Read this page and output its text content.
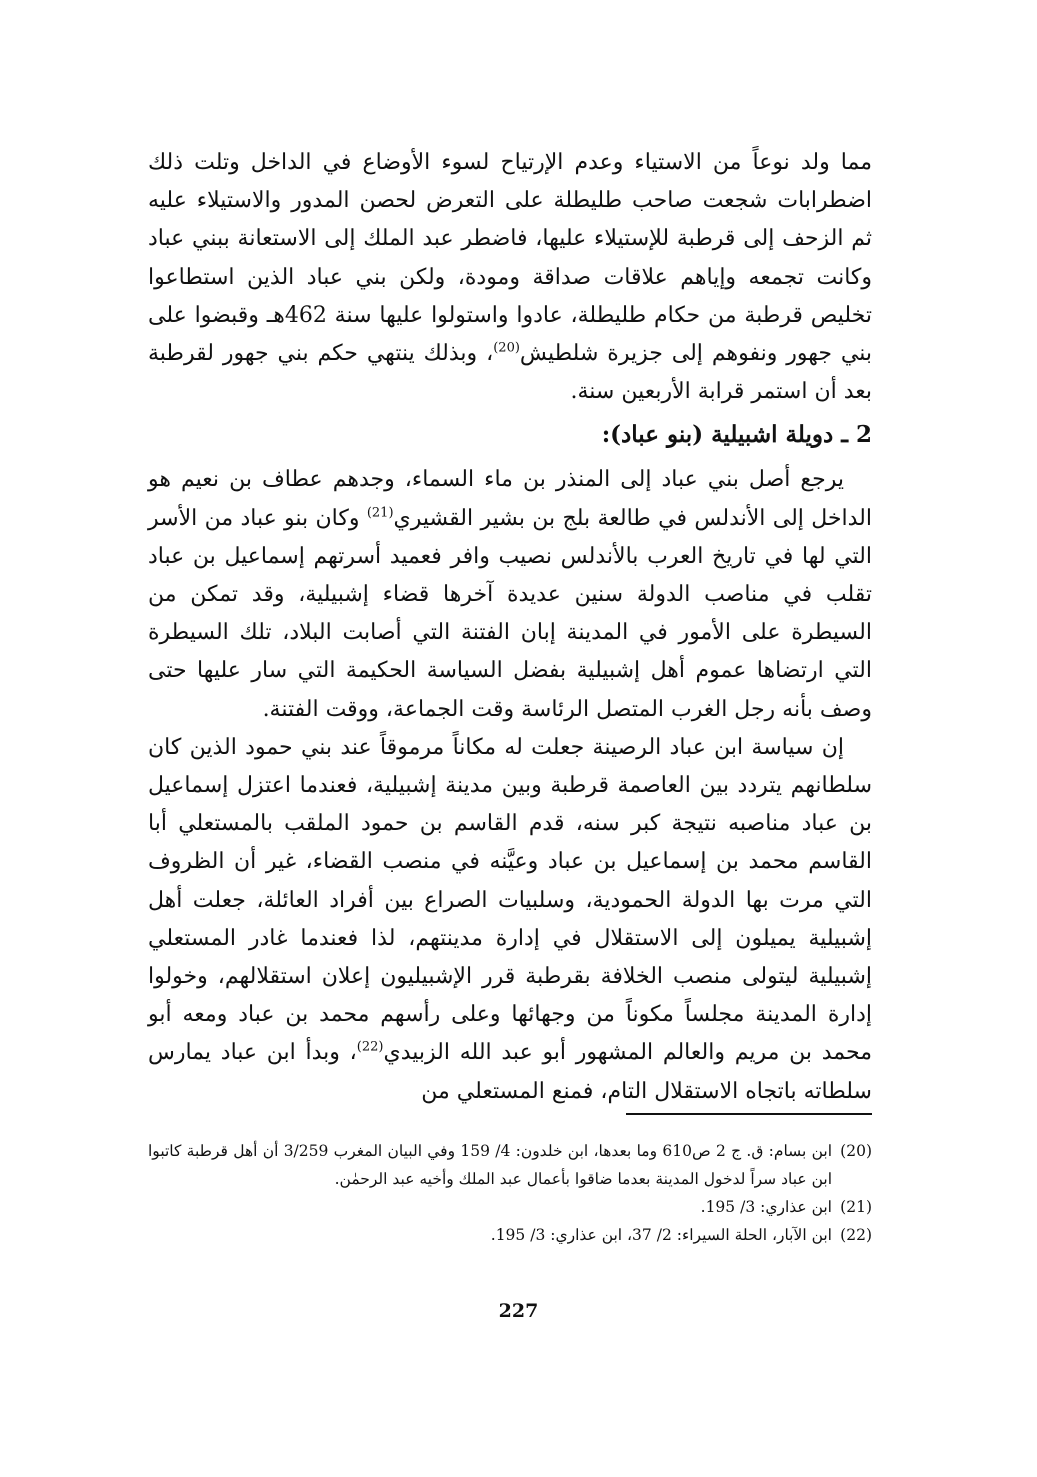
مما ولد نوعاً من الاستياء وعدم الإرتياح لسوء الأوضاع في الداخل وتلت ذلك اضطرابات شجعت صاحب طليطلة على التعرض لحصن المدور والاستيلاء عليه ثم الزحف إلى قرطبة للإستيلاء عليها، فاضطر عبد الملك إلى الاستعانة ببني عباد وكانت تجمعه وإياهم علاقات صداقة ومودة، ولكن بني عباد الذين استطاعوا تخليص قرطبة من حكام طليطلة، عادوا واستولوا عليها سنة 462هـ وقبضوا على بني جهور ونفوهم إلى جزيرة شلطيش$^{(20)}$، وبذلك ينتهي حكم بني جهور لقرطبة بعد أن استمر قرابة الأربعين سنة.

2 ـ دويلة اشبيلية (بنو عباد):

يرجع أصل بني عباد إلى المنذر بن ماء السماء، وجدهم عطاف بن نعيم هو الداخل إلى الأندلس في طالعة بلج بن بشير القشيري$^{(21)}$ وكان بنو عباد من الأسر التي لها في تاريخ العرب بالأندلس نصيب وافر فعميد أسرتهم إسماعيل بن عباد تقلب في مناصب الدولة سنين عديدة آخرها قضاء إشبيلية، وقد تمكن من السيطرة على الأمور في المدينة إبان الفتنة التي أصابت البلاد، تلك السيطرة التي ارتضاها عموم أهل إشبيلية بفضل السياسة الحكيمة التي سار عليها حتى وصف بأنه رجل الغرب المتصل الرئاسة وقت الجماعة، ووقت الفتنة.

إن سياسة ابن عباد الرصينة جعلت له مكاناً مرموقاً عند بني حمود الذين كان سلطانهم يتردد بين العاصمة قرطبة وبين مدينة إشبيلية، فعندما اعتزل إسماعيل بن عباد مناصبه نتيجة كبر سنه، قدم القاسم بن حمود الملقب بالمستعلي أبا القاسم محمد بن إسماعيل بن عباد وعيَّنه في منصب القضاء، غير أن الظروف التي مرت بها الدولة الحمودية، وسلبيات الصراع بين أفراد العائلة، جعلت أهل إشبيلية يميلون إلى الاستقلال في إدارة مدينتهم، لذا فعندما غادر المستعلي إشبيلية ليتولى منصب الخلافة بقرطبة قرر الإشبيليون إعلان استقلالهم، وخولوا إدارة المدينة مجلساً مكوناً من وجهائها وعلى رأسهم محمد بن عباد ومعه أبو محمد بن مريم والعالم المشهور أبو عبد الله الزبيدي$^{(22)}$، وبدأ ابن عباد يمارس سلطاته باتجاه الاستقلال التام، فمنع المستعلي من

(20)
ابن بسام: ق. ج 2 ص610 وما بعدها، ابن خلدون: 4/ 159 وفي البيان المغرب 3/259 أن أهل قرطبة كاتبوا ابن عباد سراً لدخول المدينة بعدما ضاقوا بأعمال عبد الملك وأخيه عبد الرحمٰن.
(21)
ابن عذاري: 3/ 195.
(22)
ابن الآبار، الحلة السيراء: 2/ 37، ابن عذاري: 3/ 195.
227
